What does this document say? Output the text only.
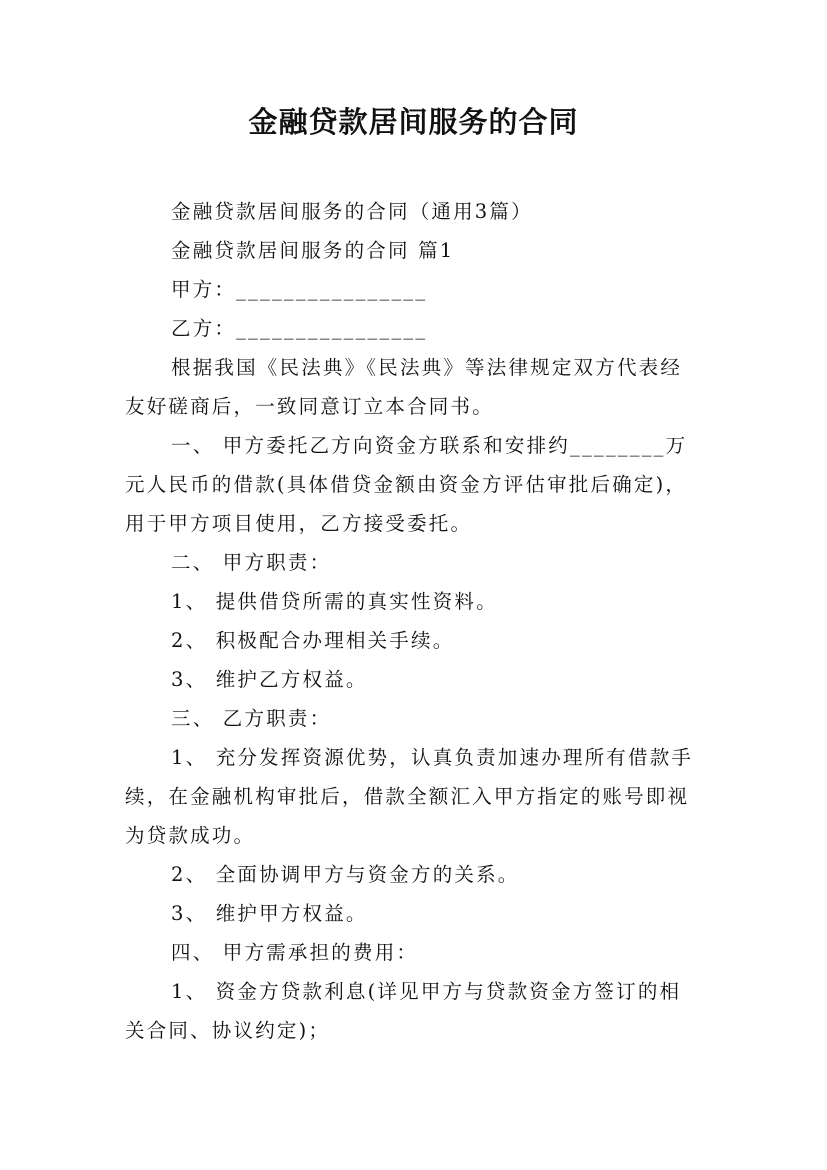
金融贷款居间服务的合同
金融贷款居间服务的合同（通用3篇）
金融贷款居间服务的合同 篇1
甲方：________________
乙方：________________
根据我国《民法典》《民法典》等法律规定双方代表经
友好磋商后，一致同意订立本合同书。
一、 甲方委托乙方向资金方联系和安排约________万
元人民币的借款(具体借贷金额由资金方评估审批后确定)，
用于甲方项目使用，乙方接受委托。
二、 甲方职责：
1、 提供借贷所需的真实性资料。
2、 积极配合办理相关手续。
3、 维护乙方权益。
三、 乙方职责：
1、 充分发挥资源优势，认真负责加速办理所有借款手
续，在金融机构审批后，借款全额汇入甲方指定的账号即视
为贷款成功。
2、 全面协调甲方与资金方的关系。
3、 维护甲方权益。
四、 甲方需承担的费用：
1、 资金方贷款利息(详见甲方与贷款资金方签订的相
关合同、协议约定)；
